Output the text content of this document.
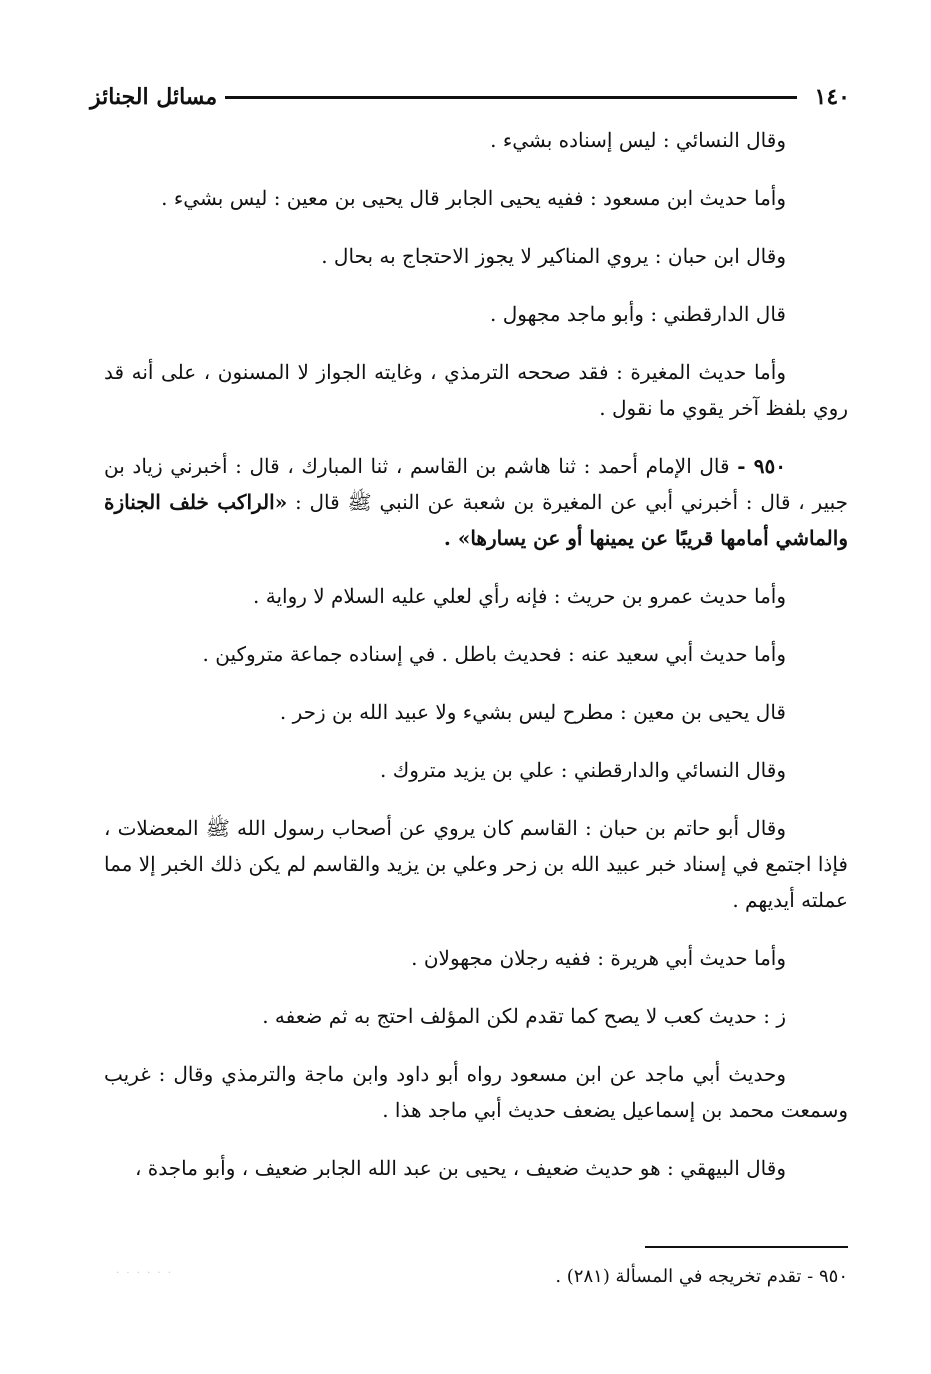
١٤٠
مسائل الجنائز

وقال النسائي : ليس إسناده بشيء .

وأما حديث ابن مسعود : ففيه يحيى الجابر قال يحيى بن معين : ليس بشيء .

وقال ابن حبان : يروي المناكير لا يجوز الاحتجاج به بحال .

قال الدارقطني : وأبو ماجد مجهول .

وأما حديث المغيرة : فقد صححه الترمذي ، وغايته الجواز لا المسنون ، على أنه قد روي بلفظ آخر يقوي ما نقول .

٩٥٠ - قال الإمام أحمد : ثنا هاشم بن القاسم ، ثنا المبارك ، قال : أخبرني زياد بن جبير ، قال : أخبرني أبي عن المغيرة بن شعبة عن النبي ﷺ قال : «الراكب خلف الجنازة والماشي أمامها قريبًا عن يمينها أو عن يسارها» .

وأما حديث عمرو بن حريث : فإنه رأي لعلي عليه السلام لا رواية .

وأما حديث أبي سعيد عنه : فحديث باطل . في إسناده جماعة متروكين .

قال يحيى بن معين : مطرح ليس بشيء ولا عبيد الله بن زحر .

وقال النسائي والدارقطني : علي بن يزيد متروك .

وقال أبو حاتم بن حبان : القاسم كان يروي عن أصحاب رسول الله ﷺ المعضلات ، فإذا اجتمع في إسناد خبر عبيد الله بن زحر وعلي بن يزيد والقاسم لم يكن ذلك الخبر إلا مما عملته أيديهم .

وأما حديث أبي هريرة : ففيه رجلان مجهولان .

ز : حديث كعب لا يصح كما تقدم لكن المؤلف احتج به ثم ضعفه .

وحديث أبي ماجد عن ابن مسعود رواه أبو داود وابن ماجة والترمذي وقال : غريب وسمعت محمد بن إسماعيل يضعف حديث أبي ماجد هذا .

وقال البيهقي : هو حديث ضعيف ، يحيى بن عبد الله الجابر ضعيف ، وأبو ماجدة ،

٩٥٠ - تقدم تخريجه في المسألة (٢٨١) .
· · · · · ·
